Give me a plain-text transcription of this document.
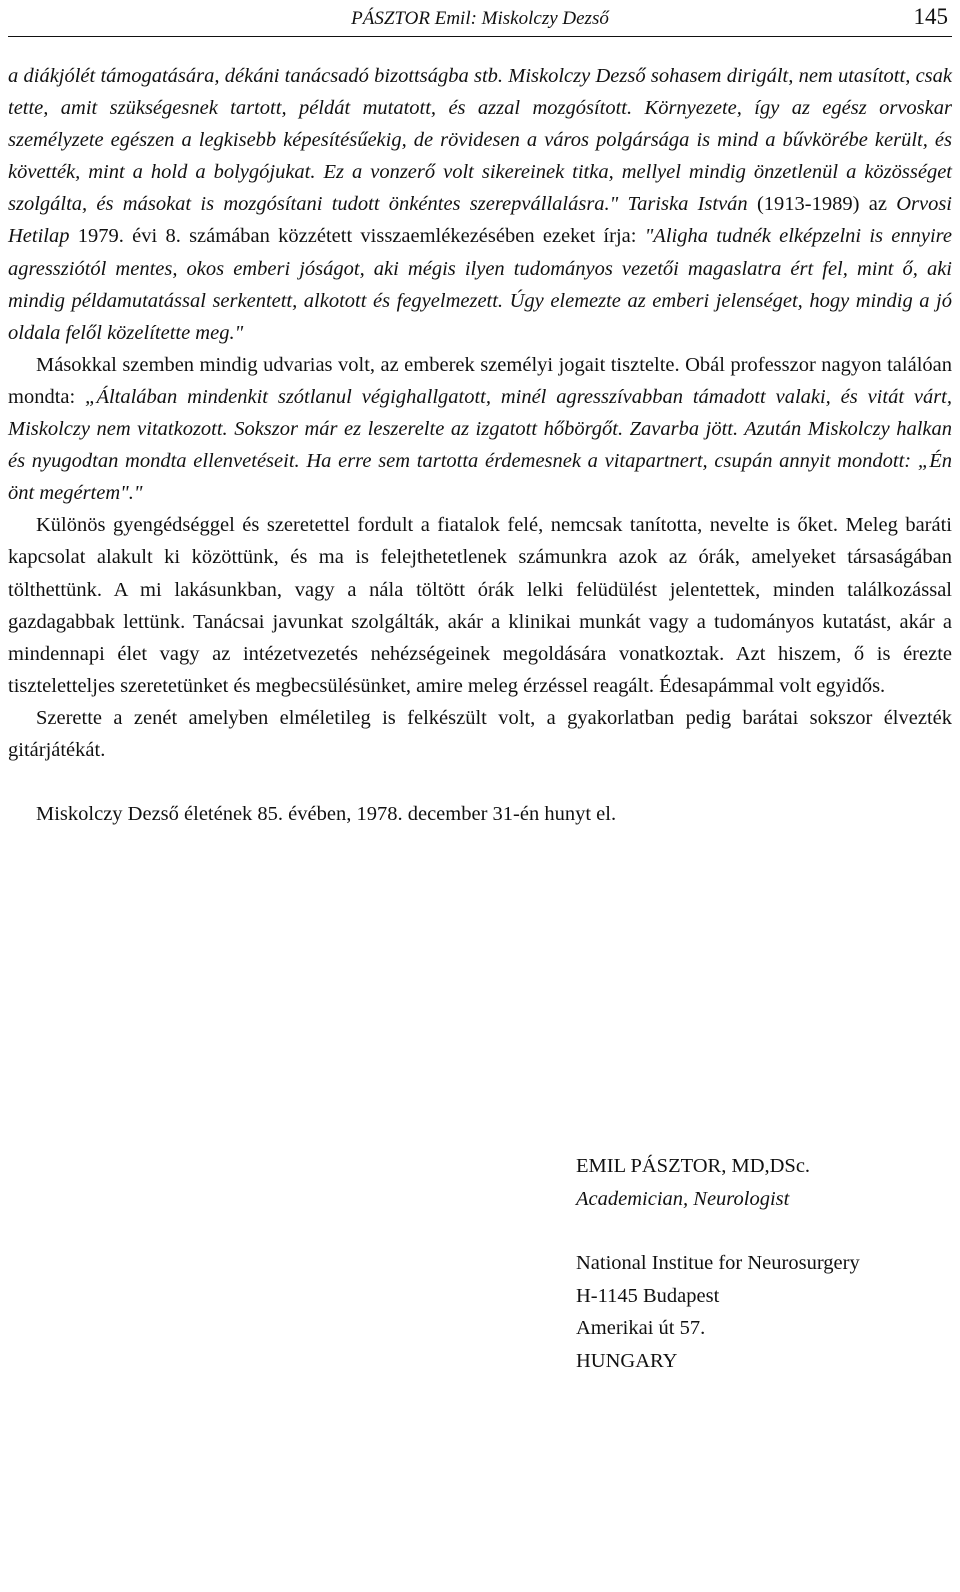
PÁSZTOR Emil: Miskolczy Dezső	145

a diákjólét támogatására, dékáni tanácsadó bizottságba stb. Miskolczy Dezső sohasem dirigált, nem utasított, csak tette, amit szükségesnek tartott, példát mutatott, és azzal mozgósított. Környezete, így az egész orvoskar személyzete egészen a legkisebb képesítésűekig, de rövidesen a város polgársága is mind a bűvkörébe került, és követték, mint a hold a bolygójukat. Ez a vonzerő volt sikereinek titka, mellyel mindig önzetlenül a közösséget szolgálta, és másokat is mozgósítani tudott önkéntes szerepvállalásra." Tariska István (1913-1989) az Orvosi Hetilap 1979. évi 8. számában közzétett visszaemlékezésében ezeket írja: "Aligha tudnék elképzelni is ennyire agressziótól mentes, okos emberi jóságot, aki mégis ilyen tudományos vezetői magaslatra ért fel, mint ő, aki mindig példamutatással serkentett, alkotott és fegyelmezett. Úgy elemezte az emberi jelenséget, hogy mindig a jó oldala felől közelítette meg."

Másokkal szemben mindig udvarias volt, az emberek személyi jogait tisztelte. Obál professzor nagyon találóan mondta: „Általában mindenkit szótlanul végighallgatott, minél agresszívabban támadott valaki, és vitát várt, Miskolczy nem vitatkozott. Sokszor már ez leszerelte az izgatott hőbörgőt. Zavarba jött. Azután Miskolczy halkan és nyugodtan mondta ellenvetéseit. Ha erre sem tartotta érdemesnek a vitapartnert, csupán annyit mondott: „Én önt megértem"."

Különös gyengédséggel és szeretettel fordult a fiatalok felé, nemcsak tanította, nevelte is őket. Meleg baráti kapcsolat alakult ki közöttünk, és ma is felejthetetlenek számunkra azok az órák, amelyeket társaságában tölthettünk. A mi lakásunkban, vagy a nála töltött órák lelki felüdülést jelentettek, minden találkozással gazdagabbak lettünk. Tanácsai javunkat szolgálták, akár a klinikai munkát vagy a tudományos kutatást, akár a mindennapi élet vagy az intézetvezetés nehézségeinek megoldására vonatkoztak. Azt hiszem, ő is érezte tiszteletteljes szeretetünket és megbecsülésünket, amire meleg érzéssel reagált. Édesapámmal volt egyidős.

Szerette a zenét amelyben elméletileg is felkészült volt, a gyakorlatban pedig barátai sokszor élvezték gitárjátékát.

Miskolczy Dezső életének 85. évében, 1978. december 31-én hunyt el.

EMIL PÁSZTOR, MD,DSc.

Academician, Neurologist

National Institue for Neurosurgery

H-1145 Budapest

Amerikai út 57.

HUNGARY
